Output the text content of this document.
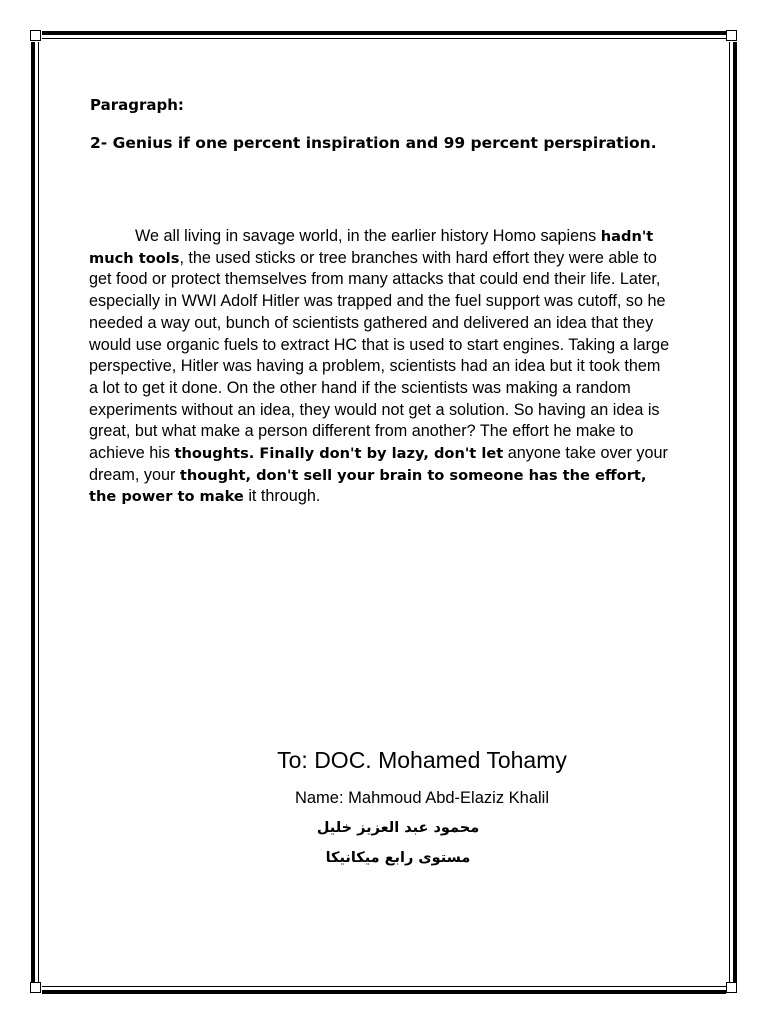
Paragraph:
2- Genius if one percent inspiration and 99 percent perspiration.

We all living in savage world, in the earlier history Homo sapiens hadn't much tools, the used sticks or tree branches with hard effort they were able to get food or protect themselves from many attacks that could end their life. Later, especially in WWI Adolf Hitler was trapped and the fuel support was cutoff, so he needed a way out, bunch of scientists gathered and delivered an idea that they would use organic fuels to extract HC that is used to start engines. Taking a large perspective, Hitler was having a problem, scientists had an idea but it took them a lot to get it done. On the other hand if the scientists was making a random experiments without an idea, they would not get a solution. So having an idea is great, but what make a person different from another? The effort he make to achieve his thoughts. Finally don't by lazy, don't let anyone take over your dream, your thought, don't sell your brain to someone has the effort, the power to make it through.

To: DOC. Mohamed Tohamy

Name: Mahmoud Abd-Elaziz Khalil

محمود عبد العزيز خليل

مستوى رابع ميكانيكا
